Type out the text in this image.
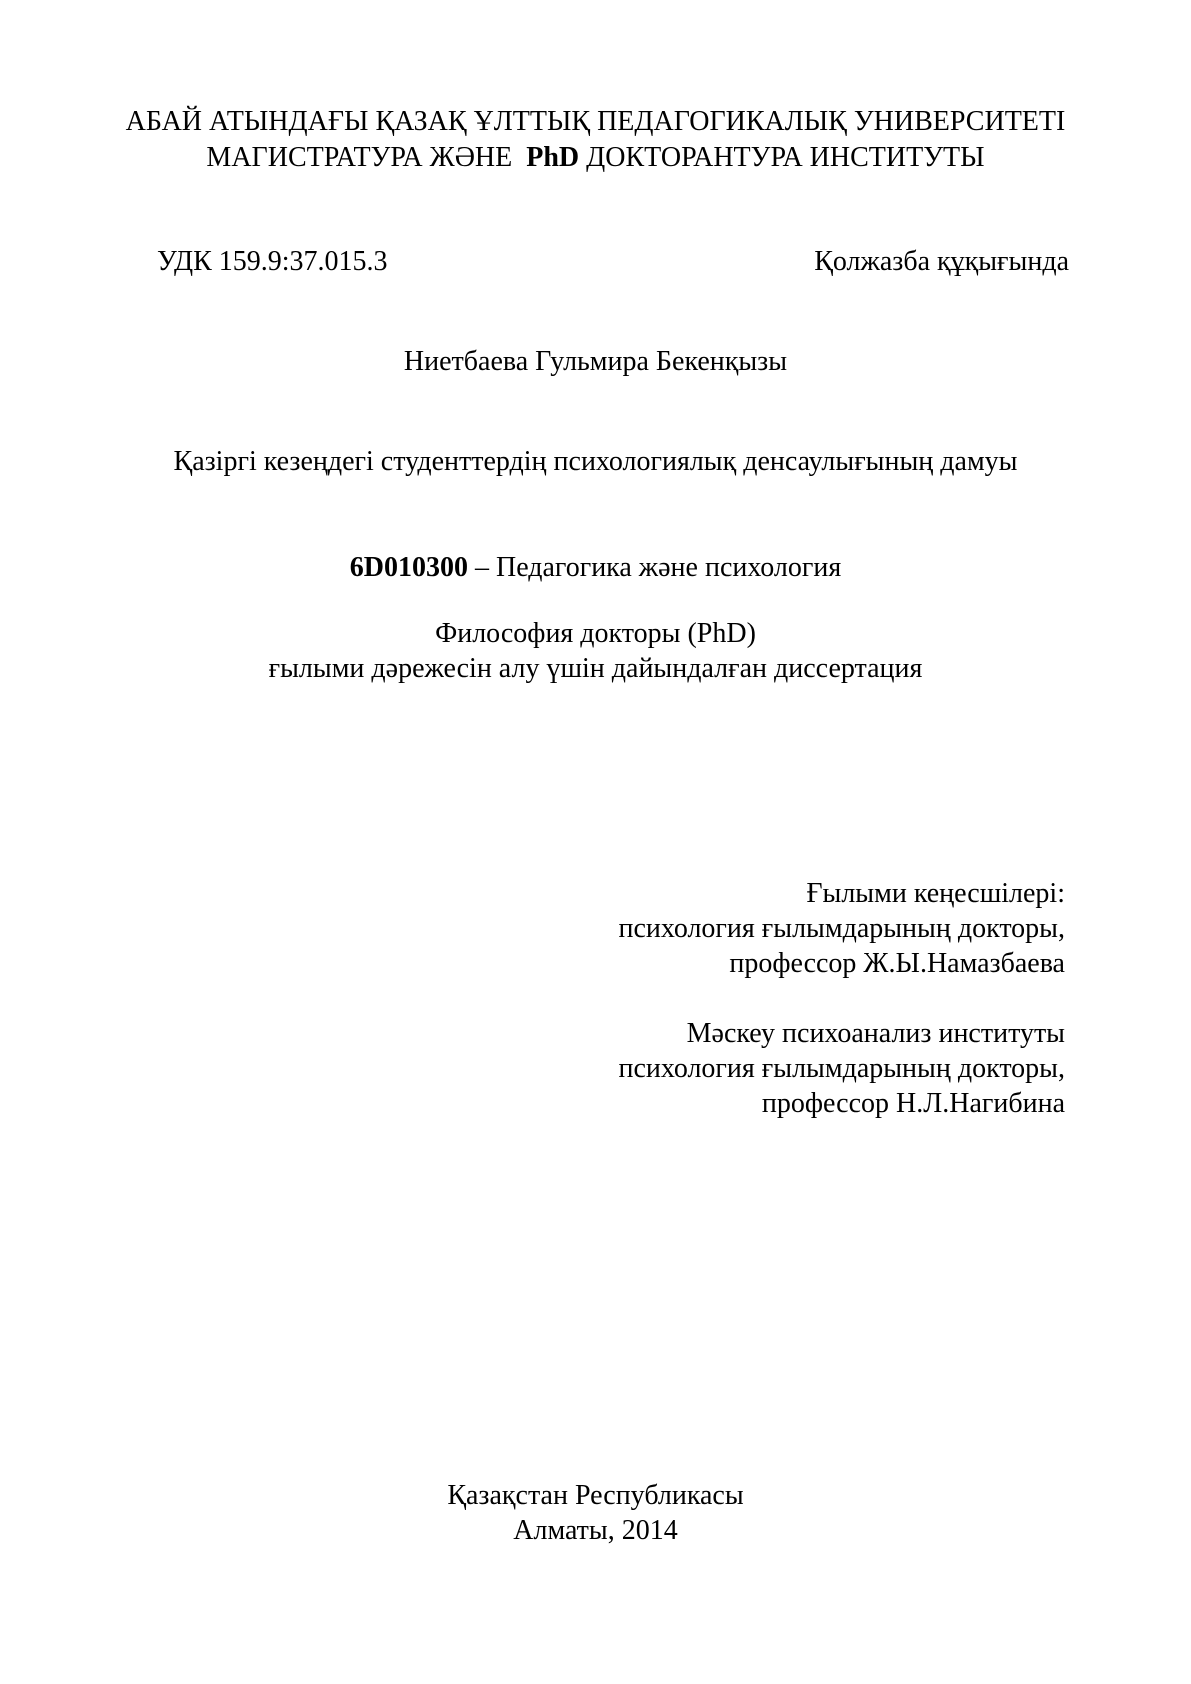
АБАЙ АТЫНДАҒЫ ҚАЗАҚ ҰЛТТЫҚ ПЕДАГОГИКАЛЫҚ УНИВЕРСИТЕТІ
МАГИСТРАТУРА ЖӘНЕ  PhD ДОКТОРАНТУРА ИНСТИТУТЫ
УДК 159.9:37.015.3	Қолжазба құқығында
Ниетбаева Гульмира Бекенқызы
Қазіргі кезеңдегі студенттердің психологиялық денсаулығының дамуы
6D010300 – Педагогика және психология
Философия докторы (PhD)
ғылыми дәрежесін алу үшін дайындалған диссертация
Ғылыми кеңесшілері:
психология ғылымдарының докторы,
профессор Ж.Ы.Намазбаева
Мәскеу психоанализ институты
психология ғылымдарының докторы,
профессор Н.Л.Нагибина
Қазақстан Республикасы
Алматы, 2014
